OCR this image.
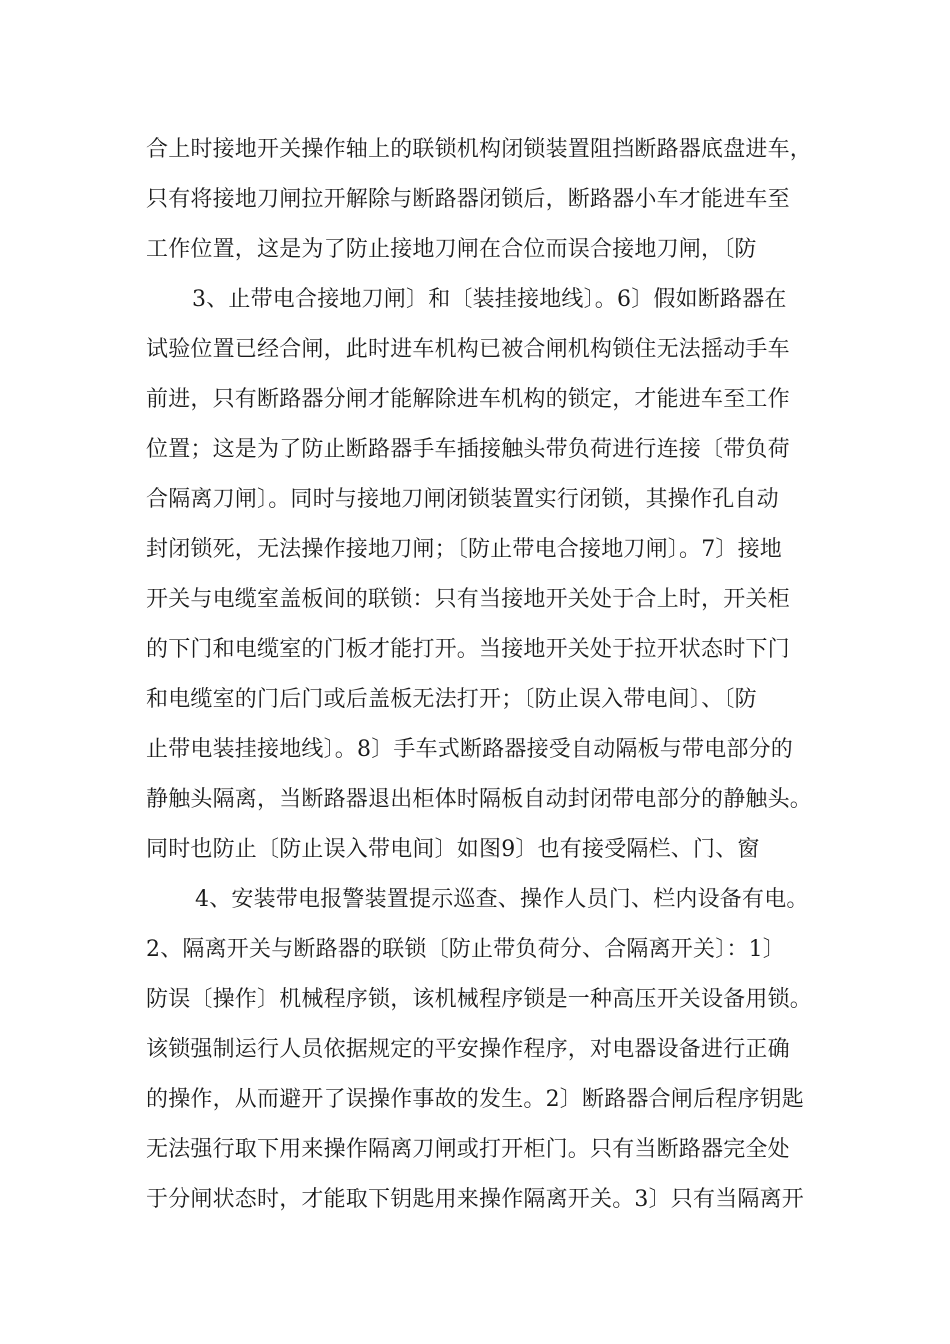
合上时接地开关操作轴上的联锁机构闭锁装置阻挡断路器底盘进车，
只有将接地刀闸拉开解除与断路器闭锁后，断路器小车才能进车至
工作位置，这是为了防止接地刀闸在合位而误合接地刀闸，〔防
3、止带电合接地刀闸〕和〔装挂接地线〕。6〕假如断路器在
试验位置已经合闸，此时进车机构已被合闸机构锁住无法摇动手车
前进，只有断路器分闸才能解除进车机构的锁定，才能进车至工作
位置；这是为了防止断路器手车插接触头带负荷进行连接〔带负荷
合隔离刀闸〕。同时与接地刀闸闭锁装置实行闭锁，其操作孔自动
封闭锁死，无法操作接地刀闸；〔防止带电合接地刀闸〕。7〕接地
开关与电缆室盖板间的联锁：只有当接地开关处于合上时，开关柜
的下门和电缆室的门板才能打开。当接地开关处于拉开状态时下门
和电缆室的门后门或后盖板无法打开；〔防止误入带电间〕、〔防
止带电装挂接地线〕。8〕手车式断路器接受自动隔板与带电部分的
静触头隔离，当断路器退出柜体时隔板自动封闭带电部分的静触头。
同时也防止〔防止误入带电间〕如图9〕也有接受隔栏、门、窗
4、安装带电报警装置提示巡查、操作人员门、栏内设备有电。
2、隔离开关与断路器的联锁〔防止带负荷分、合隔离开关〕：1〕
防误〔操作〕机械程序锁，该机械程序锁是一种高压开关设备用锁。
该锁强制运行人员依据规定的平安操作程序，对电器设备进行正确
的操作，从而避开了误操作事故的发生。2〕断路器合闸后程序钥匙
无法强行取下用来操作隔离刀闸或打开柜门。只有当断路器完全处
于分闸状态时，才能取下钥匙用来操作隔离开关。3〕只有当隔离开
